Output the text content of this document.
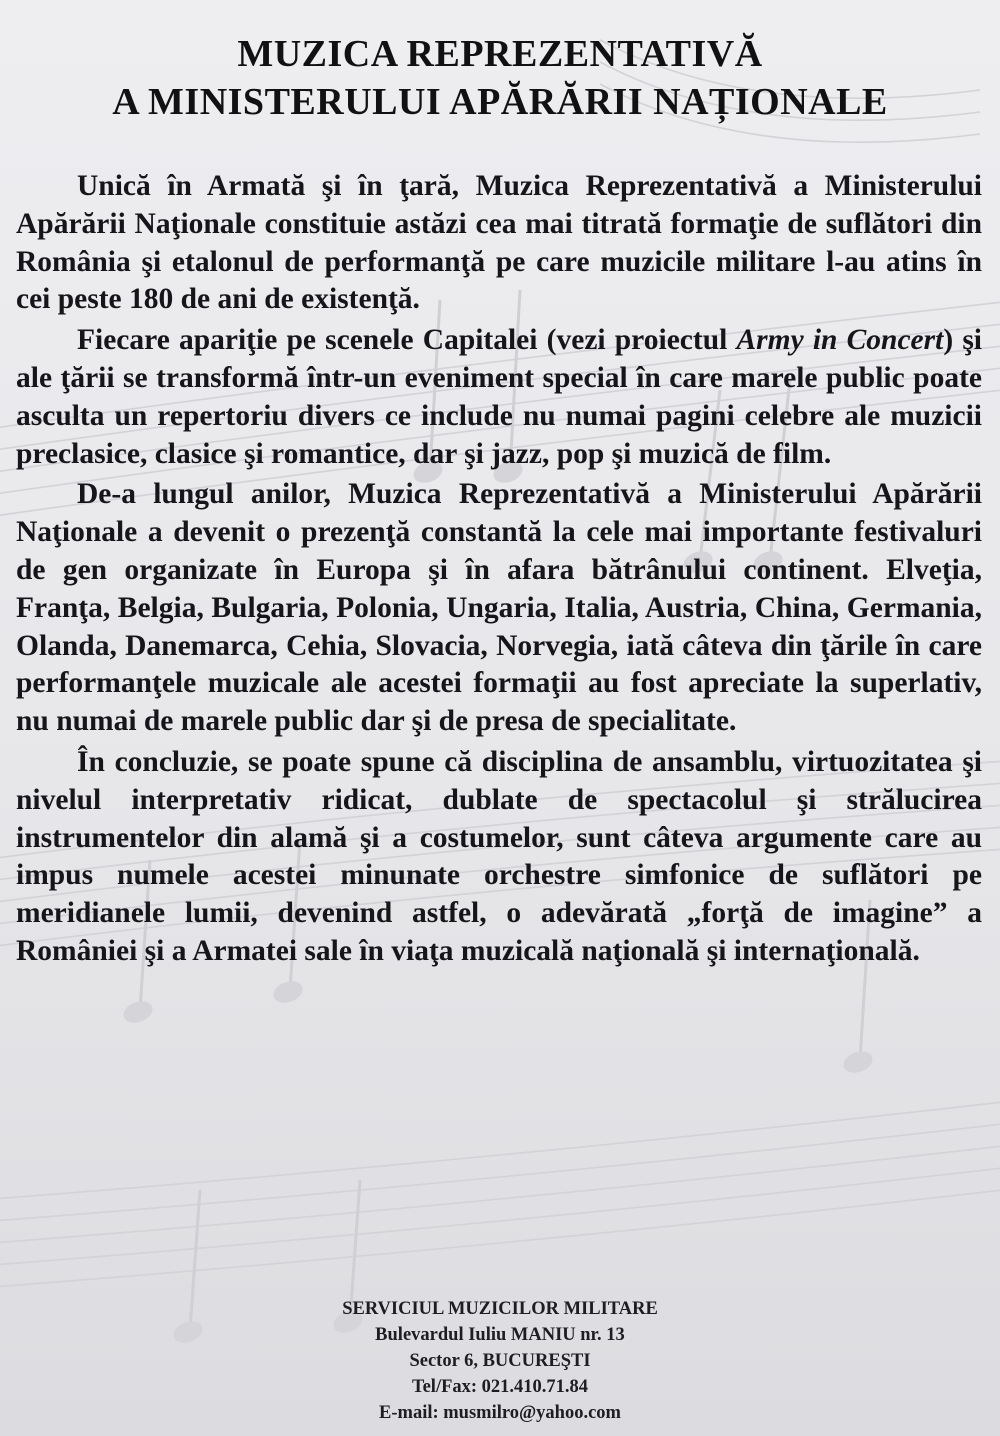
MUZICA REPREZENTATIVĂ
A MINISTERULUI APĂRĂRII NAȚIONALE

Unică în Armată şi în ţară, Muzica Reprezentativă a Ministerului Apărării Naţionale constituie astăzi cea mai titrată formaţie de suflători din România şi etalonul de performanţă pe care muzicile militare l-au atins în cei peste 180 de ani de existenţă.

Fiecare apariţie pe scenele Capitalei (vezi proiectul Army in Concert) şi ale ţării se transformă într-un eveniment special în care marele public poate asculta un repertoriu divers ce include nu numai pagini celebre ale muzicii preclasice, clasice şi romantice, dar şi jazz, pop şi muzică de film.

De-a lungul anilor, Muzica Reprezentativă a Ministerului Apărării Naţionale a devenit o prezenţă constantă la cele mai importante festivaluri de gen organizate în Europa şi în afara bătrânului continent. Elveţia, Franţa, Belgia, Bulgaria, Polonia, Ungaria, Italia, Austria, China, Germania, Olanda, Danemarca, Cehia, Slovacia, Norvegia, iată câteva din ţările în care performanţele muzicale ale acestei formaţii au fost apreciate la superlativ, nu numai de marele public dar şi de presa de specialitate.

În concluzie, se poate spune că disciplina de ansamblu, virtuozitatea şi nivelul interpretativ ridicat, dublate de spectacolul şi strălucirea instrumentelor din alamă şi a costumelor, sunt câteva argumente care au impus numele acestei minunate orchestre simfonice de suflători pe meridianele lumii, devenind astfel, o adevărată „forţă de imagine” a României şi a Armatei sale în viaţa muzicală naţională şi internaţională.

SERVICIUL MUZICILOR MILITARE
Bulevardul Iuliu MANIU nr. 13
Sector 6, BUCUREŞTI
Tel/Fax: 021.410.71.84
E-mail: musmilro@yahoo.com
